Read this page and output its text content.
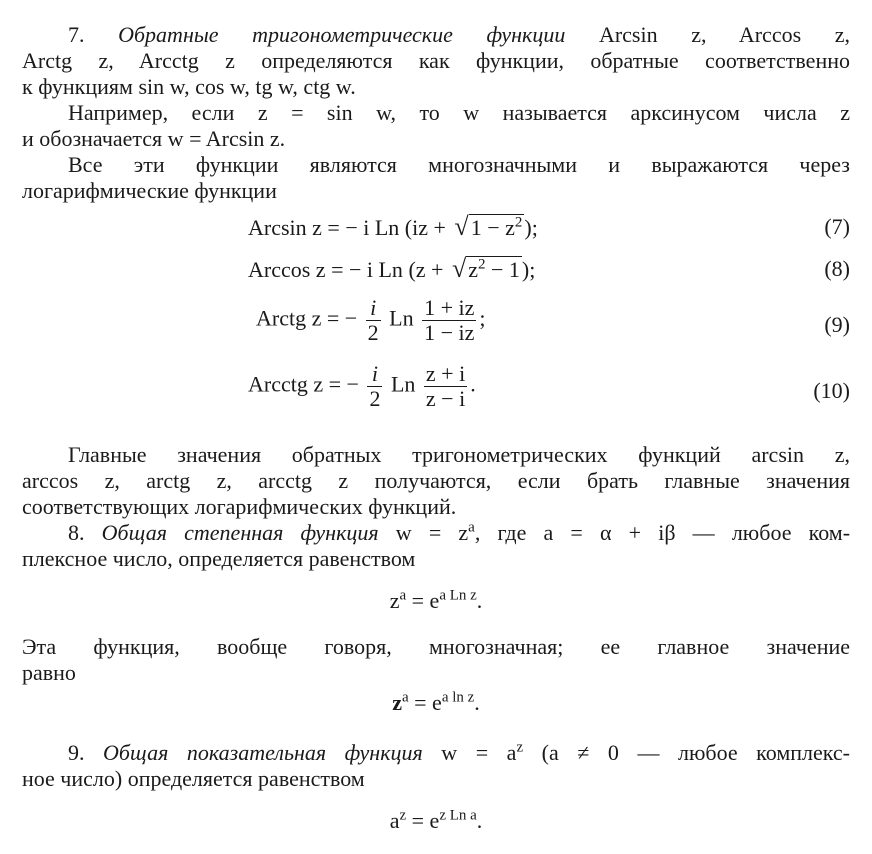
7. Обратные тригонометрические функции Arcsin z, Arccos z,
Arctg z, Arcctg z определяются как функции, обратные соответственно
к функциям sin w, cos w, tg w, ctg w.
Например, если z = sin w, то w называется арксинусом числа z
и обозначается w = Arcsin z.
Все эти функции являются многозначными и выражаются через
логарифмические функции
Arcsin z = − i Ln $(iz + √1 - z^2)$;	(7)
Arccos z = − i Ln $(z + √z^2 - 1)$;	(8)
Arctg z = − $\frac{i}{2}$ Ln $\frac{1 + iz}{1 - iz}$ ;	(9)
Arcctg z = − $\frac{i}{2}$ Ln $\frac{z + i}{z - i}$ .	(10)
Главные значения обратных тригонометрических функций arcsin z,
arccos z, arctg z, arcctg z получаются, если брать главные значения
соответствующих логарифмических функций.
8. Общая степенная функция $w = z^a$, где a = α + iβ — любое ком-
плексное число, определяется равенством
$z^a = e^{a Ln z}$.
Эта функция, вообще говоря, многозначная; ее главное значение
равно
$z^a = e^{a ln z}$.
9. Общая показательная функция $w = a^z$ (a ≠ 0 — любое комплекс-
ное число) определяется равенством
$a^z = e^{z Ln a}$.
